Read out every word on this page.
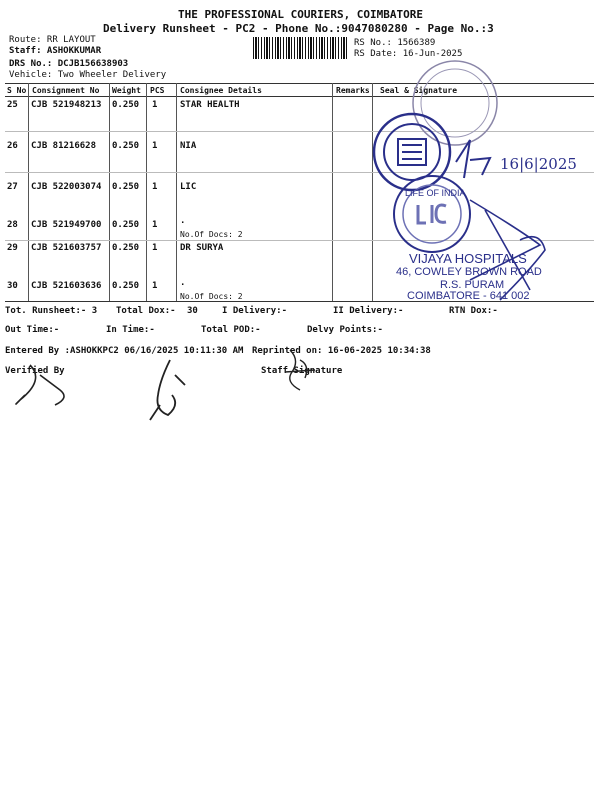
THE PROFESSIONAL COURIERS, COIMBATORE
Delivery Runsheet - PC2 - Phone No.:9047080280 - Page No.:3
Route: RR LAYOUT
Staff: ASHOKKUMAR
DRS No.: DCJB156638903
Vehicle: Two Wheeler Delivery
RS No.: 1566389
RS Date: 16-Jun-2025
S No Consignment No Weight PCS Consignee Details	Remarks Seal & Signature
25 CJB 521948213 0.250 1	STAR HEALTH
26 CJB 81216628 0.250 1	NIA
27 CJB 522003074 0.250 1	LIC
28 CJB 521949700 0.250 1	.
No.Of Docs: 2
29 CJB 521603757 0.250 1	DR SURYA
30 CJB 521603636 0.250 1	.
No.Of Docs: 2
Tot. Runsheet:- 3 Total Dox:- 30	I Delivery:-	II Delivery:-	RTN Dox:-
Out Time:-	In Time:-	Total POD:-	Delvy Points:-
Entered By :ASHOKKPC2 06/16/2025 10:11:30 AM Reprinted on: 16-06-2025 10:34:38
Verified By	Staff Signature
16|6|2025
LIFE OF INDIA
VIJAYA HOSPITALS
46, COWLEY BROWN ROAD
R.S. PURAM
COIMBATORE - 641 002
